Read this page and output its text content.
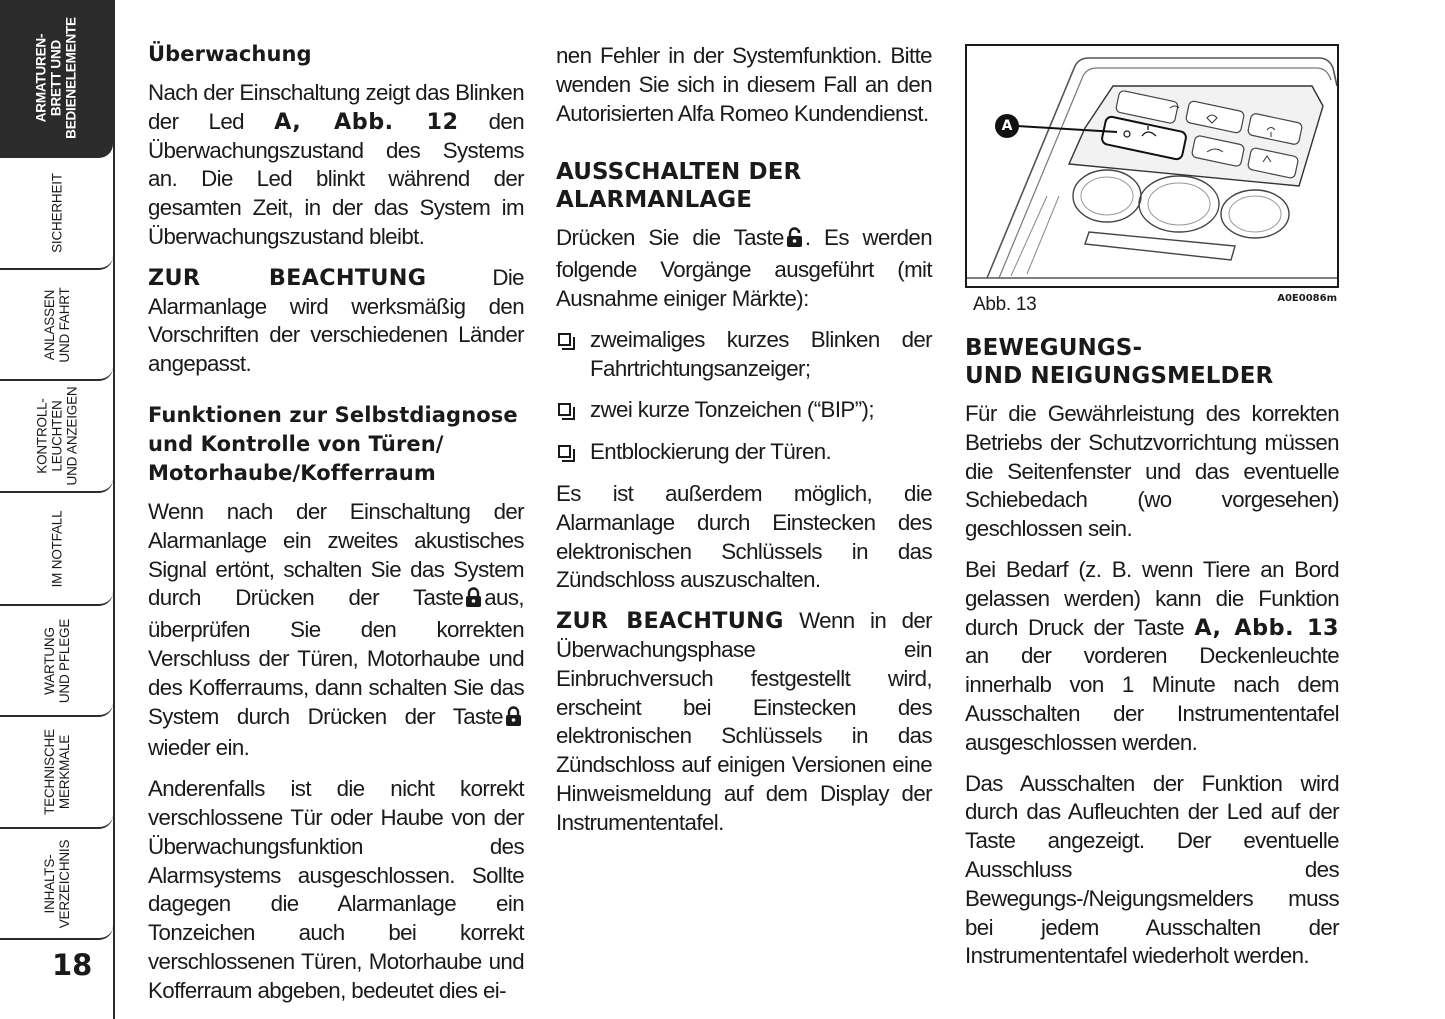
ARMATUREN-
BRETT UND
BEDIENELEMENTE
SICHERHEIT
ANLASSEN
UND FAHRT
KONTROLL-
LEUCHTEN
UND ANZEIGEN
IM NOTFALL
WARTUNG
UND PFLEGE
TECHNISCHE
MERKMALE
INHALTS-
VERZEICHNIS
18
Überwachung

Nach der Einschaltung zeigt das Blinken der Led A, Abb. 12 den Überwachungszustand des Systems an. Die Led blinkt während der gesamten Zeit, in der das System im Überwachungszustand bleibt.

ZUR BEACHTUNG Die Alarmanlage wird werksmäßig den Vorschriften der verschiedenen Länder angepasst.

Funktionen zur Selbstdiagnose und Kontrolle von Türen/ Motorhaube/Kofferraum

Wenn nach der Einschaltung der Alarmanlage ein zweites akustisches Signal ertönt, schalten Sie das System durch Drücken der Taste aus, überprüfen Sie den korrekten Verschluss der Türen, Motorhaube und des Kofferraums, dann schalten Sie das System durch Drücken der Tastewieder ein.

Anderenfalls ist die nicht korrekt verschlossene Tür oder Haube von der Überwachungsfunktion des Alarmsystems ausgeschlossen. Sollte dagegen die Alarmanlage ein Tonzeichen auch bei korrekt verschlossenen Türen, Motorhaube und Kofferraum abgeben, bedeutet dies ei-

nen Fehler in der Systemfunktion. Bitte wenden Sie sich in diesem Fall an den Autorisierten Alfa Romeo Kundendienst.

AUSSCHALTEN DER ALARMANLAGE

Drücken Sie die Taste . Es werden folgende Vorgänge ausgeführt (mit Ausnahme einiger Märkte):

zweimaliges kurzes Blinken der Fahrtrichtungsanzeiger;
zwei kurze Tonzeichen (“BIP”);
Entblockierung der Türen.

Es ist außerdem möglich, die Alarmanlage durch Einstecken des elektronischen Schlüssels in das Zündschloss auszuschalten.

ZUR BEACHTUNG Wenn in der Überwachungsphase ein Einbruchversuch festgestellt wird, erscheint bei Einstecken des elektronischen Schlüssels in das Zündschloss auf einigen Versionen eine Hinweismeldung auf dem Display der Instrumententafel.

A
Abb. 13	A0E0086m
BEWEGUNGS-
UND NEIGUNGSMELDER

Für die Gewährleistung des korrekten Betriebs der Schutzvorrichtung müssen die Seitenfenster und das eventuelle Schiebedach (wo vorgesehen) geschlossen sein.

Bei Bedarf (z. B. wenn Tiere an Bord gelassen werden) kann die Funktion durch Druck der Taste A, Abb. 13 an der vorderen Deckenleuchte innerhalb von 1 Minute nach dem Ausschalten der Instrumententafel ausgeschlossen werden.

Das Ausschalten der Funktion wird durch das Aufleuchten der Led auf der Taste angezeigt. Der eventuelle Ausschluss des Bewegungs-/Neigungsmelders muss bei jedem Ausschalten der Instrumententafel wiederholt werden.
